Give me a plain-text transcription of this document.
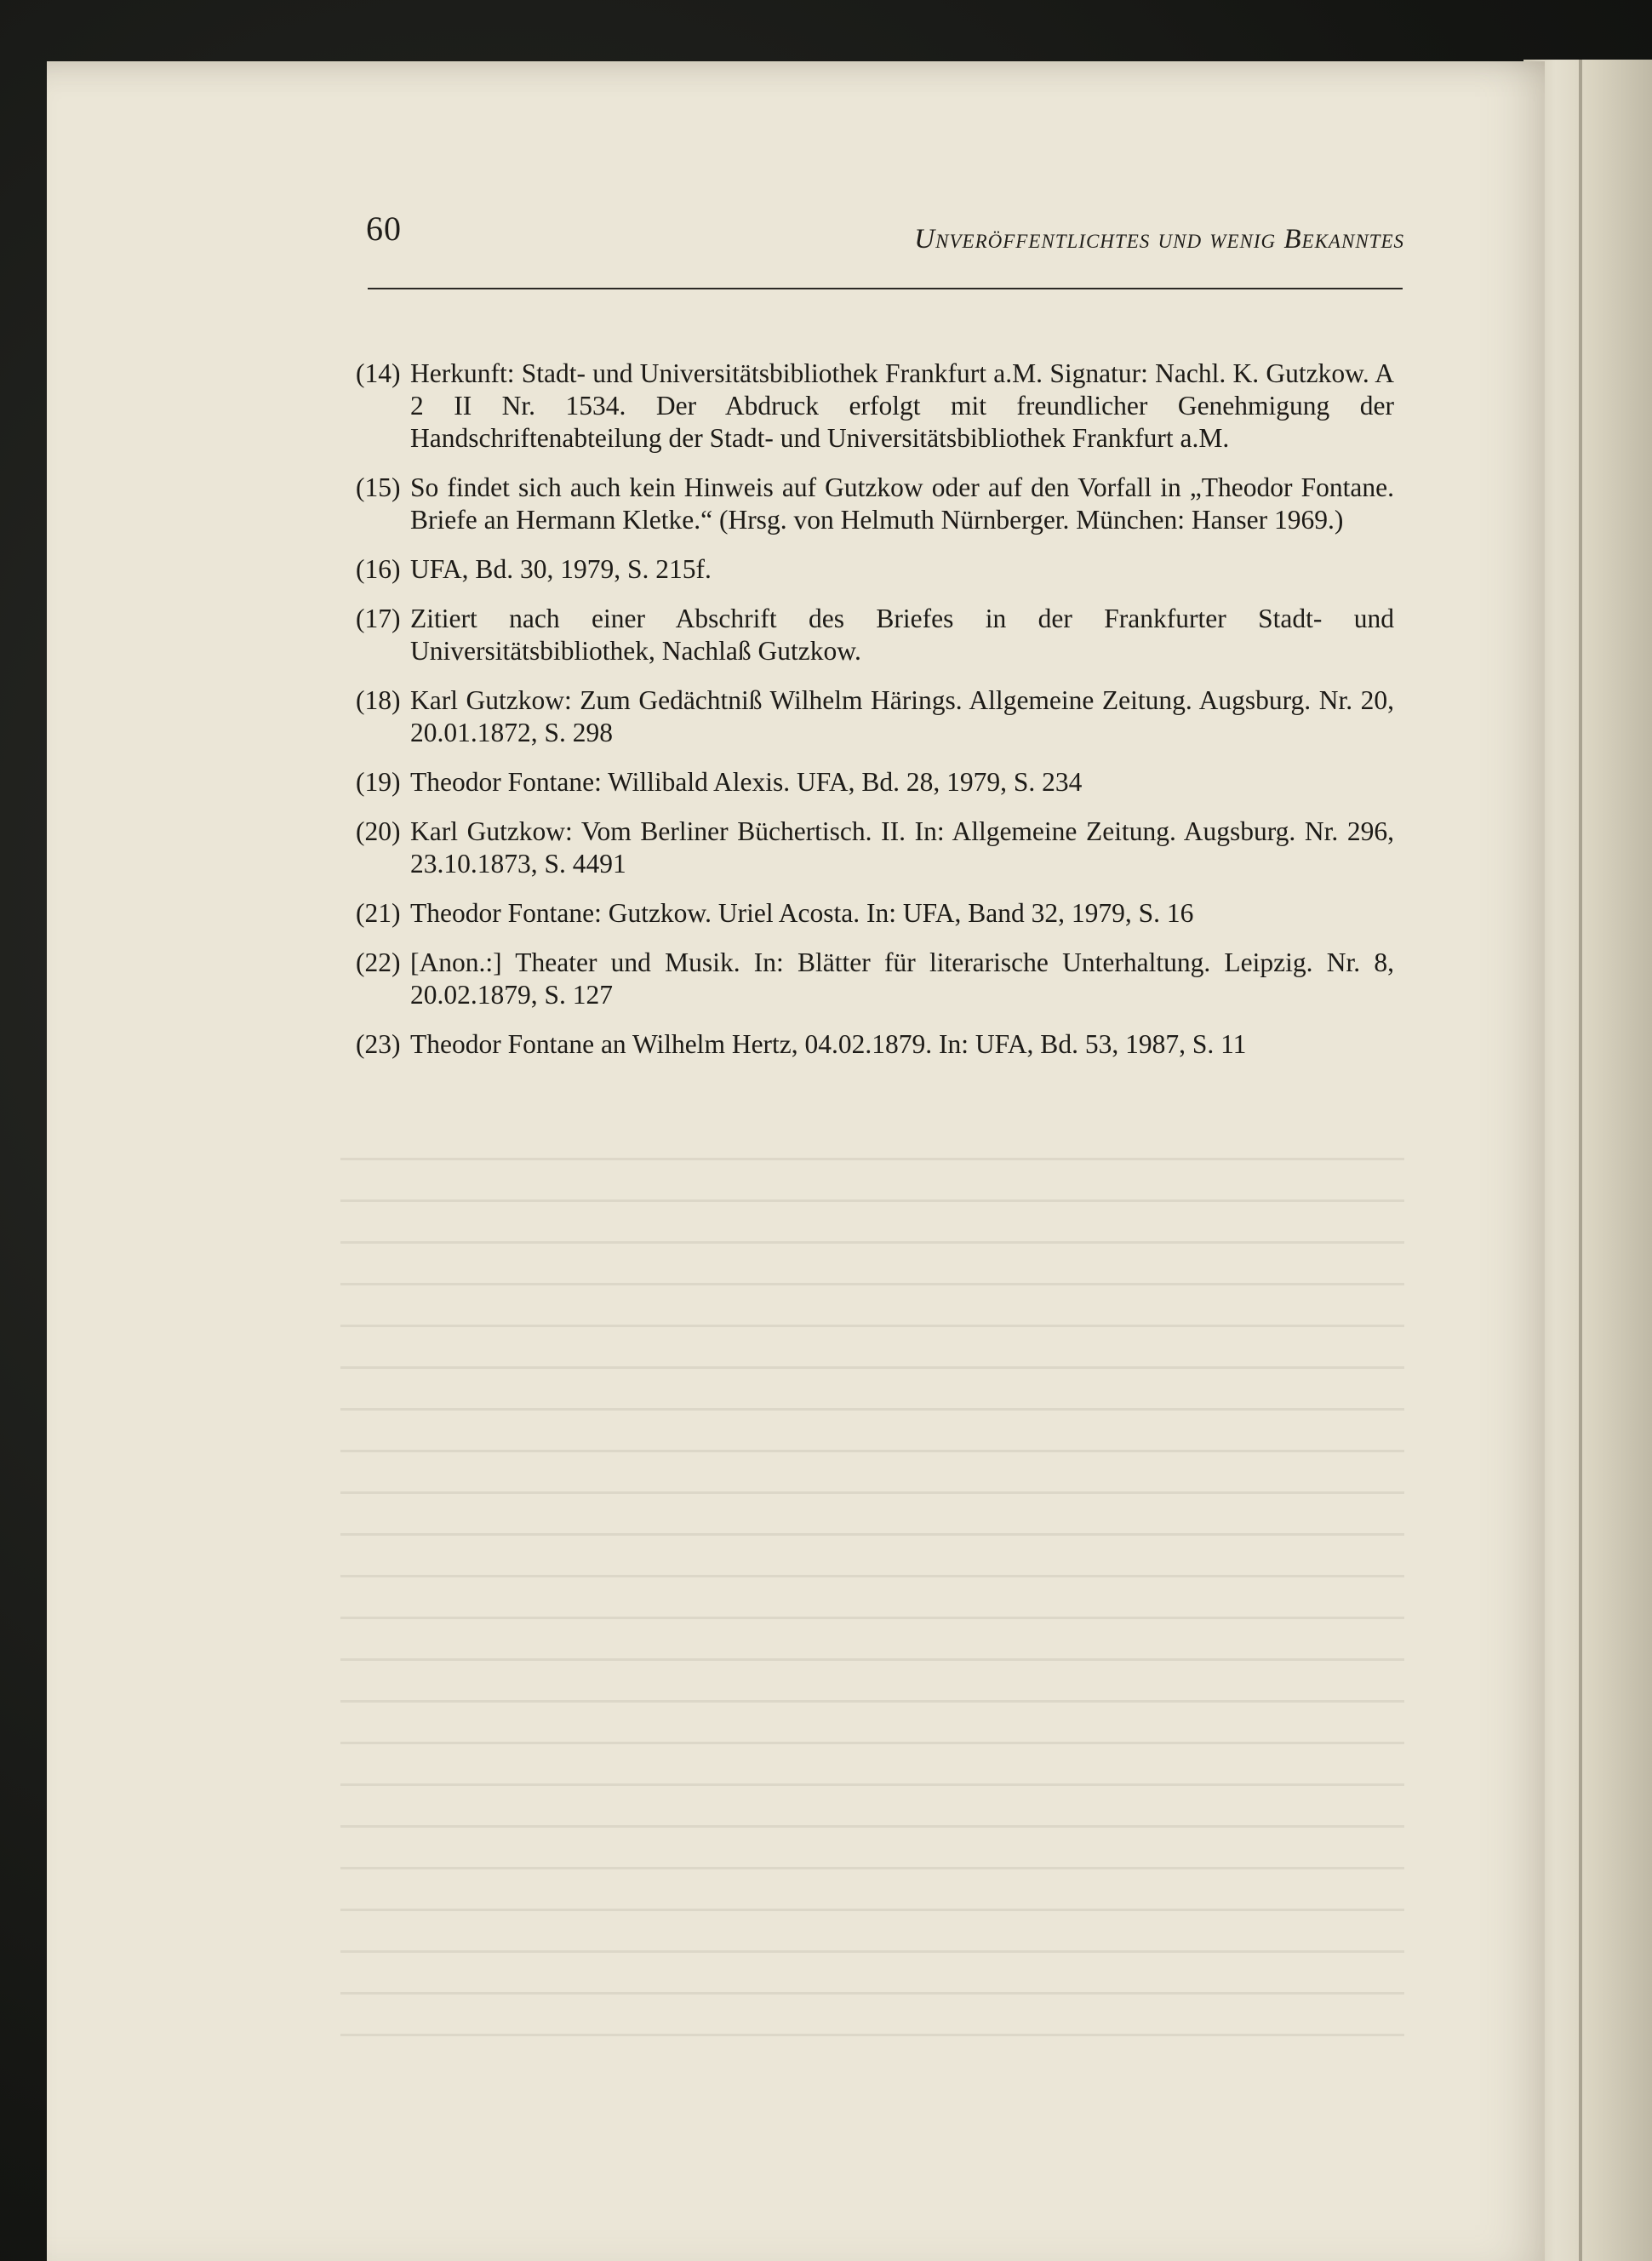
60	Unveröffentlichtes und wenig Bekanntes
(14) Herkunft: Stadt- und Universitätsbibliothek Frankfurt a.M. Signatur: Nachl. K. Gutzkow. A 2 II Nr. 1534. Der Abdruck erfolgt mit freundlicher Genehmigung der Handschriftenabteilung der Stadt- und Universitätsbibliothek Frankfurt a.M.
(15) So findet sich auch kein Hinweis auf Gutzkow oder auf den Vorfall in „Theodor Fontane. Briefe an Hermann Kletke.“ (Hrsg. von Helmuth Nürnberger. München: Hanser 1969.)
(16) UFA, Bd. 30, 1979, S. 215f.
(17) Zitiert nach einer Abschrift des Briefes in der Frankfurter Stadt- und Universitätsbibliothek, Nachlaß Gutzkow.
(18) Karl Gutzkow: Zum Gedächtniß Wilhelm Härings. Allgemeine Zeitung. Augsburg. Nr. 20, 20.01.1872, S. 298
(19) Theodor Fontane: Willibald Alexis. UFA, Bd. 28, 1979, S. 234
(20) Karl Gutzkow: Vom Berliner Büchertisch. II. In: Allgemeine Zeitung. Augsburg. Nr. 296, 23.10.1873, S. 4491
(21) Theodor Fontane: Gutzkow. Uriel Acosta. In: UFA, Band 32, 1979, S. 16
(22) [Anon.:] Theater und Musik. In: Blätter für literarische Unterhaltung. Leipzig. Nr. 8, 20.02.1879, S. 127
(23) Theodor Fontane an Wilhelm Hertz, 04.02.1879. In: UFA, Bd. 53, 1987, S. 11
